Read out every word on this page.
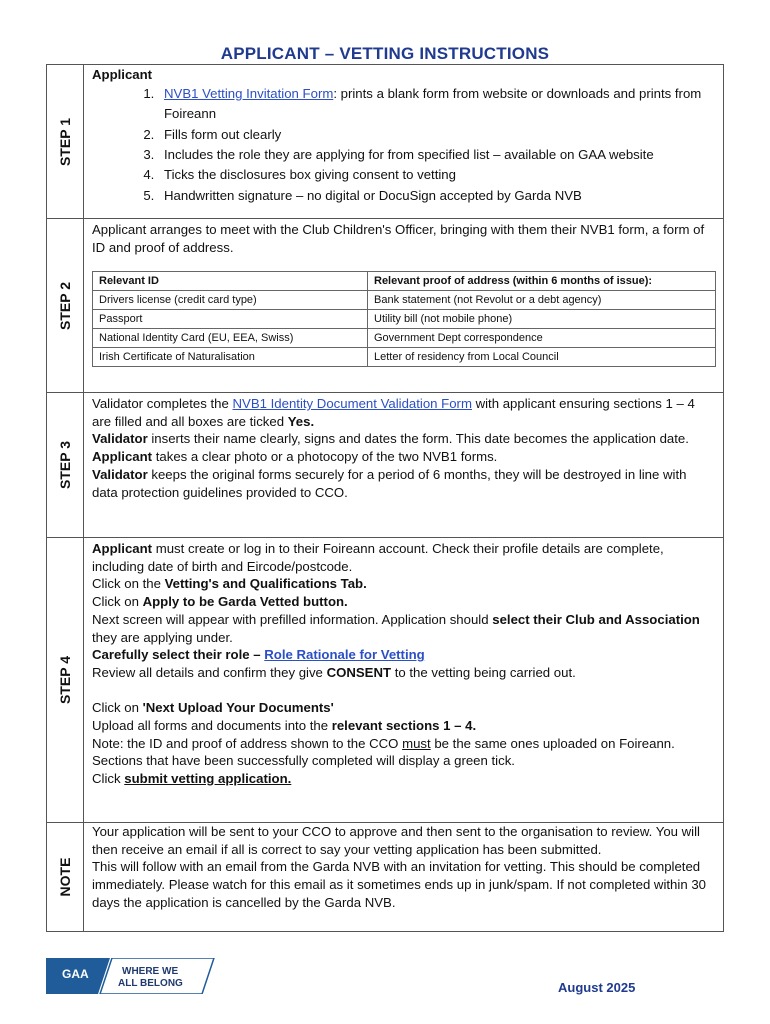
APPLICANT – VETTING INSTRUCTIONS
STEP 1

Applicant

1. NVB1 Vetting Invitation Form: prints a blank form from website or downloads and prints from Foireann
2. Fills form out clearly
3. Includes the role they are applying for from specified list – available on GAA website
4. Ticks the disclosures box giving consent to vetting
5. Handwritten signature – no digital or DocuSign accepted by Garda NVB
STEP 2

Applicant arranges to meet with the Club Children's Officer, bringing with them their NVB1 form, a form of ID and proof of address.

Relevant ID	Relevant proof of address (within 6 months of issue):
Drivers license (credit card type)	Bank statement (not Revolut or a debt agency)
Passport	Utility bill (not mobile phone)
National Identity Card (EU, EEA, Swiss)	Government Dept correspondence
Irish Certificate of Naturalisation	Letter of residency from Local Council
STEP 3

Validator completes the NVB1 Identity Document Validation Form with applicant ensuring sections 1 – 4 are filled and all boxes are ticked Yes.

Validator inserts their name clearly, signs and dates the form. This date becomes the application date.

Applicant takes a clear photo or a photocopy of the two NVB1 forms.

Validator keeps the original forms securely for a period of 6 months, they will be destroyed in line with data protection guidelines provided to CCO.

STEP 4

Applicant must create or log in to their Foireann account. Check their profile details are complete, including date of birth and Eircode/postcode.

Click on the Vetting's and Qualifications Tab.

Click on Apply to be Garda Vetted button.

Next screen will appear with prefilled information. Application should select their Club and Association they are applying under.

Carefully select their role – Role Rationale for Vetting

Review all details and confirm they give CONSENT to the vetting being carried out.

Click on 'Next Upload Your Documents'

Upload all forms and documents into the relevant sections 1 – 4.

Note: the ID and proof of address shown to the CCO must be the same ones uploaded on Foireann.

Sections that have been successfully completed will display a green tick.

Click submit vetting application.

NOTE

Your application will be sent to your CCO to approve and then sent to the organisation to review. You will then receive an email if all is correct to say your vetting application has been submitted.

This will follow with an email from the Garda NVB with an invitation for vetting. This should be completed immediately. Please watch for this email as it sometimes ends up in junk/spam. If not completed within 30 days the application is cancelled by the Garda NVB.

GAA	WHERE WE
ALL BELONG	August 2025
